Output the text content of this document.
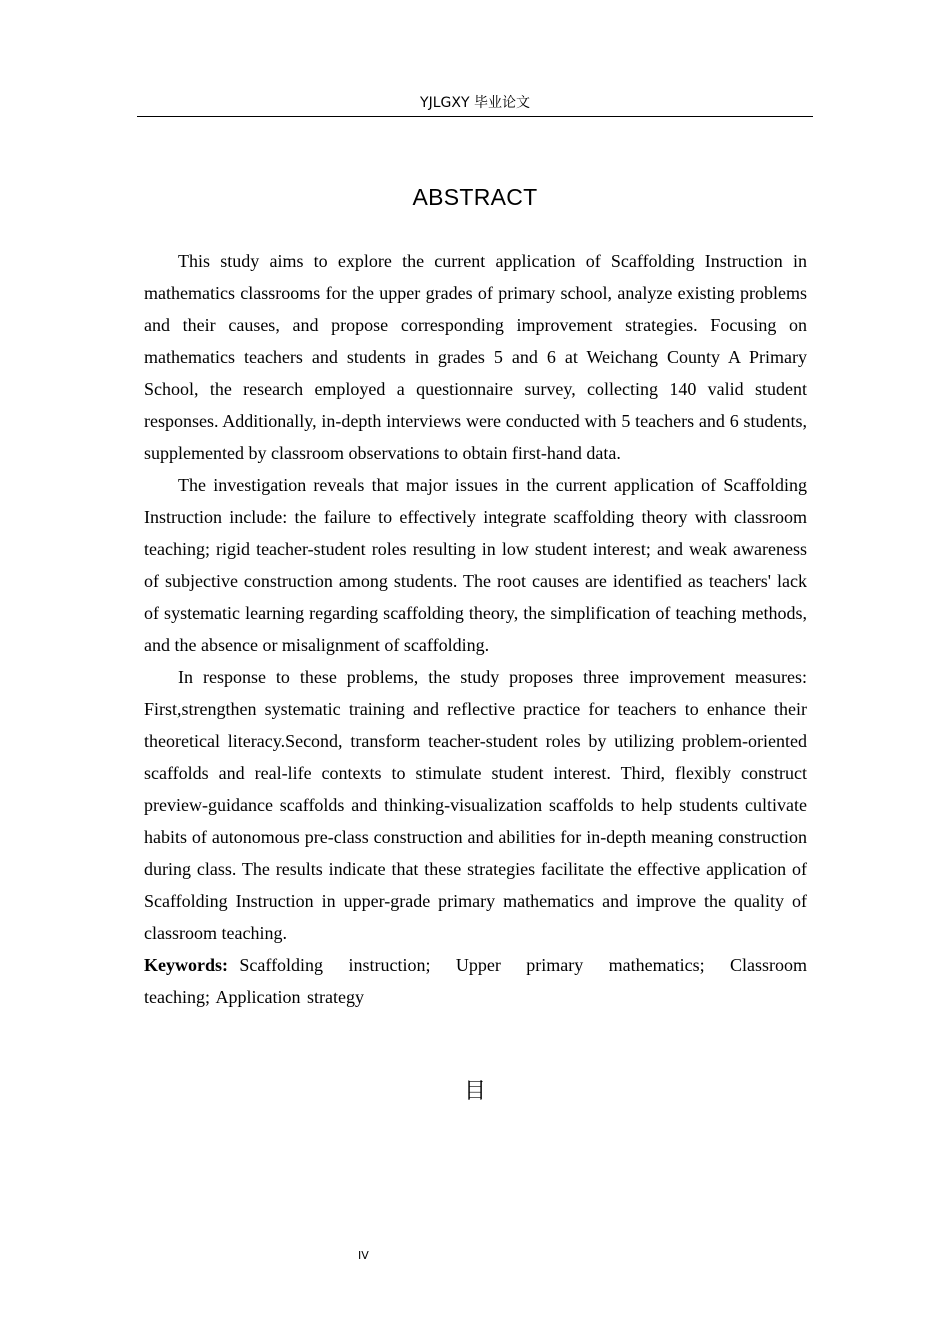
YJLGXY 毕业论文
ABSTRACT

This study aims to explore the current application of Scaffolding Instruction in mathematics classrooms for the upper grades of primary school, analyze existing problems and their causes, and propose corresponding improvement strategies. Focusing on mathematics teachers and students in grades 5 and 6 at Weichang County A Primary School, the research employed a questionnaire survey, collecting 140 valid student responses. Additionally, in-depth interviews were conducted with 5 teachers and 6 students, supplemented by classroom observations to obtain first-hand data.

The investigation reveals that major issues in the current application of Scaffolding Instruction include: the failure to effectively integrate scaffolding theory with classroom teaching; rigid teacher-student roles resulting in low student interest; and weak awareness of subjective construction among students. The root causes are identified as teachers' lack of systematic learning regarding scaffolding theory, the simplification of teaching methods, and the absence or misalignment of scaffolding.

In response to these problems, the study proposes three improvement measures: First,strengthen systematic training and reflective practice for teachers to enhance their theoretical literacy.Second, transform teacher-student roles by utilizing problem-oriented scaffolds and real-life contexts to stimulate student interest. Third, flexibly construct preview-guidance scaffolds and thinking-visualization scaffolds to help students cultivate habits of autonomous pre-class construction and abilities for in-depth meaning construction during class. The results indicate that these strategies facilitate the effective application of Scaffolding Instruction in upper-grade primary mathematics and improve the quality of classroom teaching.

Keywords: Scaffolding instruction; Upper primary mathematics; Classroom teaching; Application strategy

目
IV
